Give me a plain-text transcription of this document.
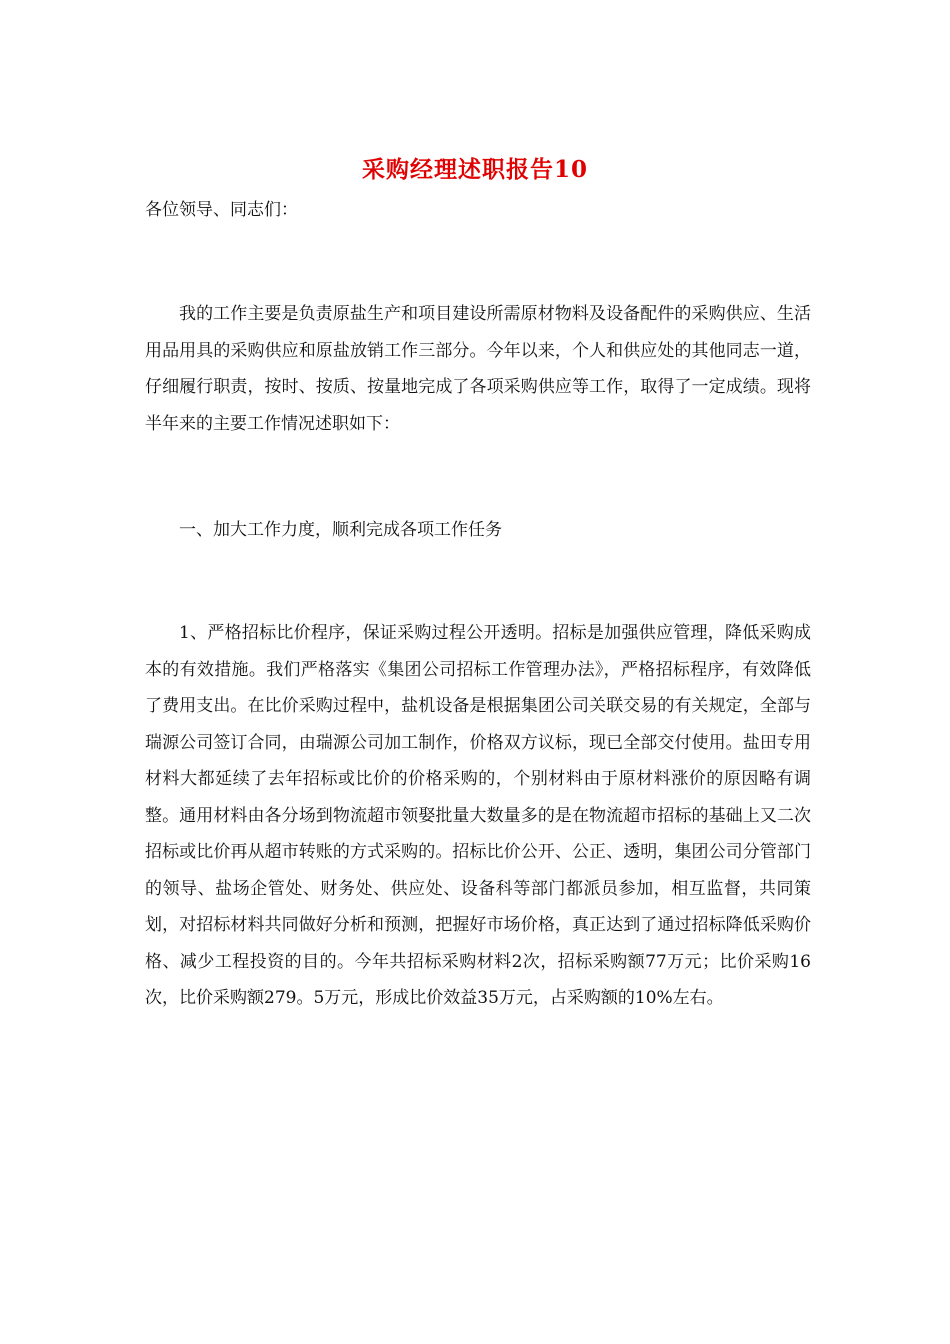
采购经理述职报告10
各位领导、同志们：

我的工作主要是负责原盐生产和项目建设所需原材物料及设备配件的采购供应、生活用品用具的采购供应和原盐放销工作三部分。今年以来，个人和供应处的其他同志一道，仔细履行职责，按时、按质、按量地完成了各项采购供应等工作，取得了一定成绩。现将半年来的主要工作情况述职如下：

一、加大工作力度，顺利完成各项工作任务

1、严格招标比价程序，保证采购过程公开透明。招标是加强供应管理，降低采购成本的有效措施。我们严格落实《集团公司招标工作管理办法》，严格招标程序，有效降低了费用支出。在比价采购过程中，盐机设备是根据集团公司关联交易的有关规定，全部与瑞源公司签订合同，由瑞源公司加工制作，价格双方议标，现已全部交付使用。盐田专用材料大都延续了去年招标或比价的价格采购的，个别材料由于原材料涨价的原因略有调整。通用材料由各分场到物流超市领娶批量大数量多的是在物流超市招标的基础上又二次招标或比价再从超市转账的方式采购的。招标比价公开、公正、透明，集团公司分管部门的领导、盐场企管处、财务处、供应处、设备科等部门都派员参加，相互监督，共同策划，对招标材料共同做好分析和预测，把握好市场价格，真正达到了通过招标降低采购价格、减少工程投资的目的。今年共招标采购材料2次，招标采购额77万元；比价采购16次，比价采购额279。5万元，形成比价效益35万元，占采购额的10%左右。
